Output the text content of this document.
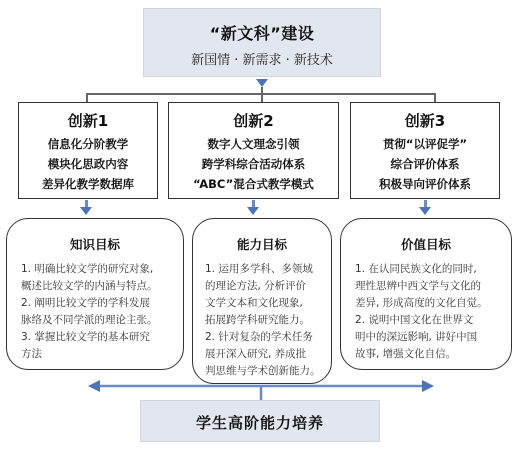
“新文科”建设
新国情 · 新需求 · 新技术
创新1
信息化分阶教学
模块化思政内容
差异化教学数据库
创新2
数字人文理念引领
跨学科综合活动体系
“ABC”混合式教学模式
创新3
贯彻“以评促学”
综合评价体系
积极导向评价体系
知识目标
1. 明确比较文学的研究对象,
概述比较文学的内涵与特点。
2. 阐明比较文学的学科发展
脉络及不同学派的理论主张。
3. 掌握比较文学的基本研究
方法
能力目标
1. 运用多学科、多领域
的理论方法, 分析评价
文学文本和文化现象,
拓展跨学科研究能力。
2. 针对复杂的学术任务
展开深入研究, 养成批
判思维与学术创新能力。
价值目标
1. 在认同民族文化的同时,
理性思辨中西文学与文化的
差异, 形成高度的文化自觉。
2. 说明中国文化在世界文
明中的深远影响, 讲好中国
故事, 增强文化自信。
学生高阶能力培养
